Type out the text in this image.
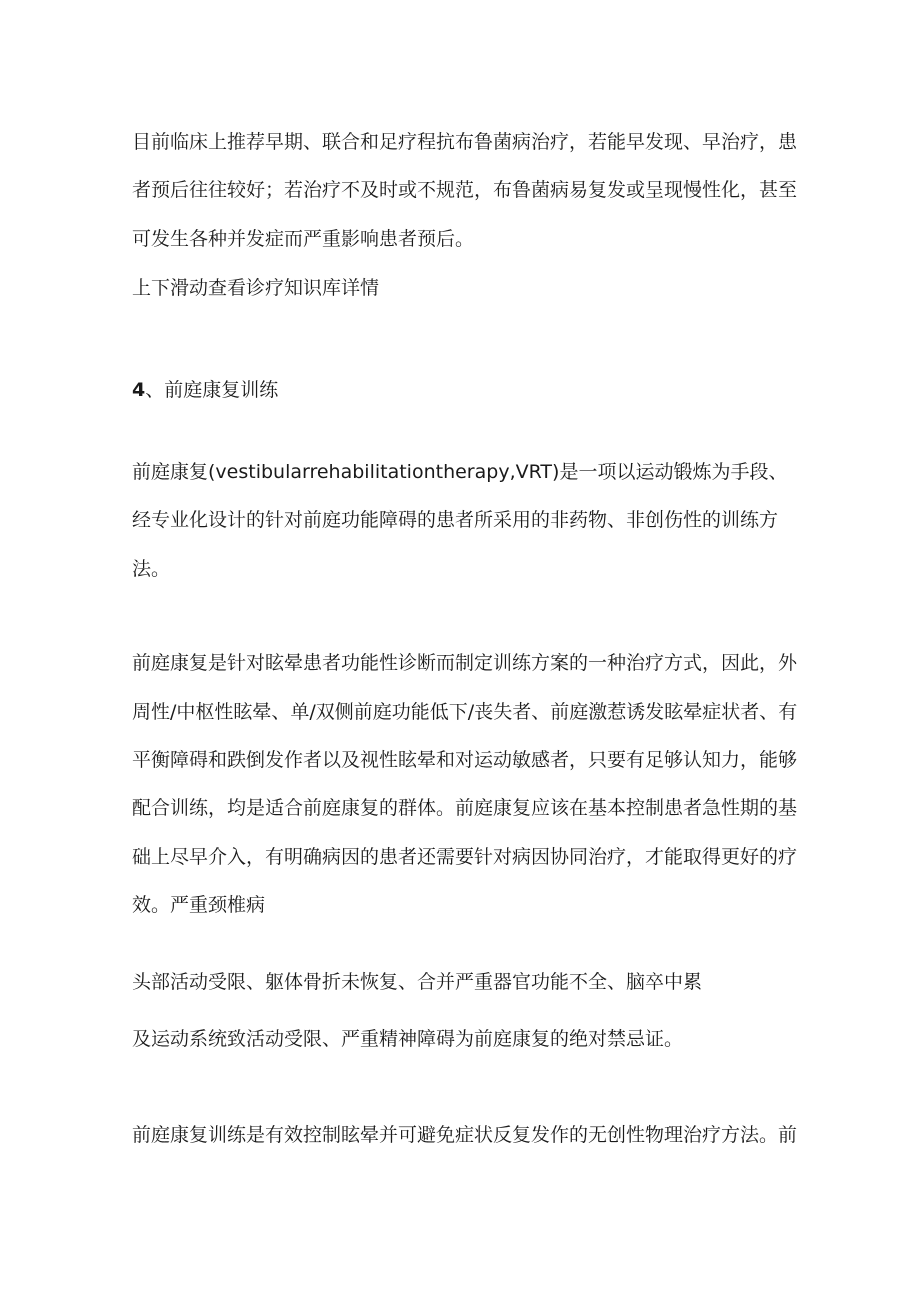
目前临床上推荐早期、联合和足疗程抗布鲁菌病治疗，若能早发现、早治疗，患
者预后往往较好；若治疗不及时或不规范，布鲁菌病易复发或呈现慢性化，甚至
可发生各种并发症而严重影响患者预后。
上下滑动查看诊疗知识库详情
4、前庭康复训练
前庭康复(vestibularrehabilitationtherapy,VRT)是一项以运动锻炼为手段、
经专业化设计的针对前庭功能障碍的患者所采用的非药物、非创伤性的训练方
法。
前庭康复是针对眩晕患者功能性诊断而制定训练方案的一种治疗方式，因此，外
周性/中枢性眩晕、单/双侧前庭功能低下/丧失者、前庭激惹诱发眩晕症状者、有
平衡障碍和跌倒发作者以及视性眩晕和对运动敏感者，只要有足够认知力，能够
配合训练，均是适合前庭康复的群体。前庭康复应该在基本控制患者急性期的基
础上尽早介入，有明确病因的患者还需要针对病因协同治疗，才能取得更好的疗
效。严重颈椎病
头部活动受限、躯体骨折未恢复、合并严重器官功能不全、脑卒中累
及运动系统致活动受限、严重精神障碍为前庭康复的绝对禁忌证。
前庭康复训练是有效控制眩晕并可避免症状反复发作的无创性物理治疗方法。前
